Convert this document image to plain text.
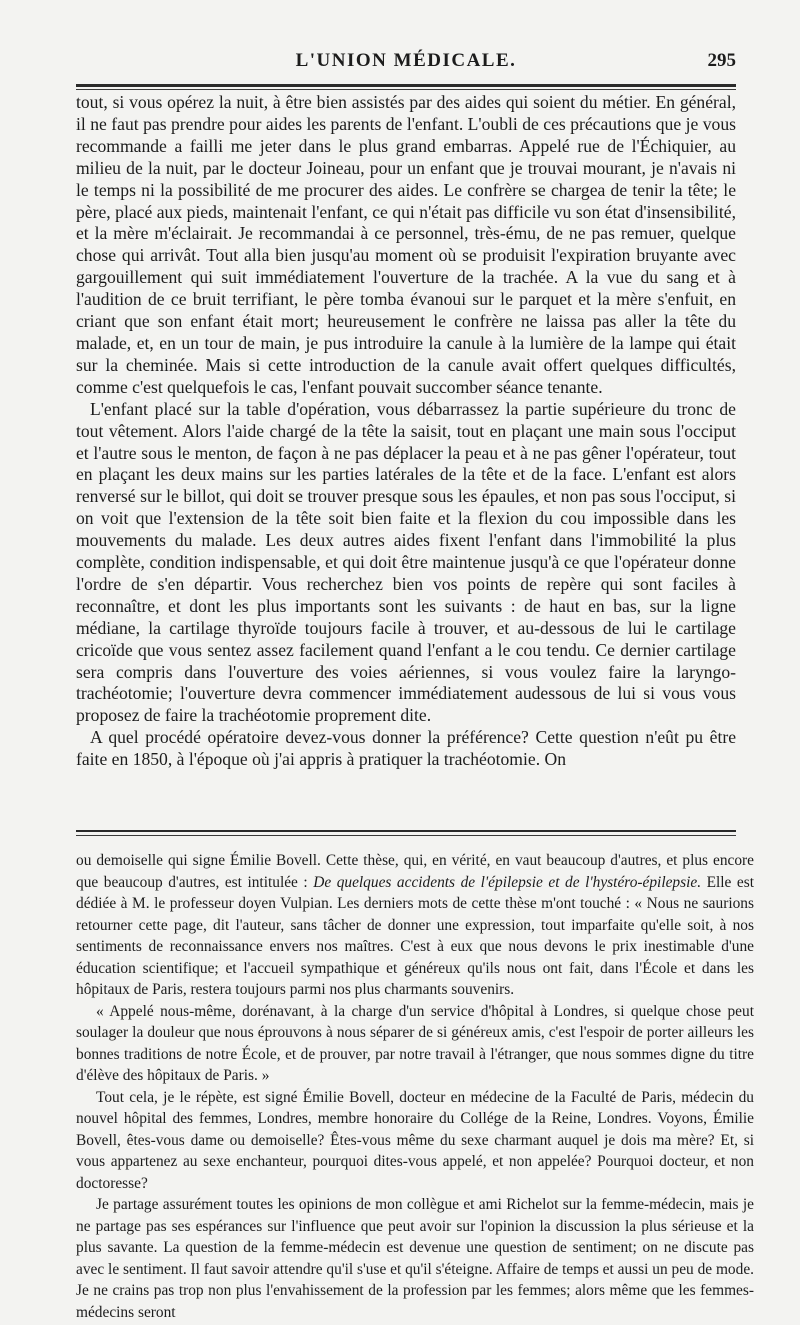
L'UNION MÉDICALE.	295

tout, si vous opérez la nuit, à être bien assistés par des aides qui soient du métier. En général, il ne faut pas prendre pour aides les parents de l'enfant. L'oubli de ces précautions que je vous recommande a failli me jeter dans le plus grand embarras. Appelé rue de l'Échiquier, au milieu de la nuit, par le docteur Joineau, pour un enfant que je trouvai mourant, je n'avais ni le temps ni la possibilité de me procurer des aides. Le confrère se chargea de tenir la tête; le père, placé aux pieds, maintenait l'enfant, ce qui n'était pas difficile vu son état d'insensibilité, et la mère m'éclairait. Je recommandai à ce personnel, très-ému, de ne pas remuer, quelque chose qui arrivât. Tout alla bien jusqu'au moment où se produisit l'expiration bruyante avec gargouillement qui suit immédiatement l'ouverture de la trachée. A la vue du sang et à l'audition de ce bruit terrifiant, le père tomba évanoui sur le parquet et la mère s'enfuit, en criant que son enfant était mort; heureusement le confrère ne laissa pas aller la tête du malade, et, en un tour de main, je pus introduire la canule à la lumière de la lampe qui était sur la cheminée. Mais si cette introduction de la canule avait offert quelques difficultés, comme c'est quelquefois le cas, l'enfant pouvait succomber séance tenante.

L'enfant placé sur la table d'opération, vous débarrassez la partie supérieure du tronc de tout vêtement. Alors l'aide chargé de la tête la saisit, tout en plaçant une main sous l'occiput et l'autre sous le menton, de façon à ne pas déplacer la peau et à ne pas gêner l'opérateur, tout en plaçant les deux mains sur les parties latérales de la tête et de la face. L'enfant est alors renversé sur le billot, qui doit se trouver presque sous les épaules, et non pas sous l'occiput, si on voit que l'extension de la tête soit bien faite et la flexion du cou impossible dans les mouvements du malade. Les deux autres aides fixent l'enfant dans l'immobilité la plus complète, condition indispensable, et qui doit être maintenue jusqu'à ce que l'opérateur donne l'ordre de s'en départir. Vous recherchez bien vos points de repère qui sont faciles à reconnaître, et dont les plus importants sont les suivants : de haut en bas, sur la ligne médiane, la cartilage thyroïde toujours facile à trouver, et au-dessous de lui le cartilage cricoïde que vous sentez assez facilement quand l'enfant a le cou tendu. Ce dernier cartilage sera compris dans l'ouverture des voies aériennes, si vous voulez faire la laryngo-trachéotomie; l'ouverture devra commencer immédiatement audessous de lui si vous vous proposez de faire la trachéotomie proprement dite.

A quel procédé opératoire devez-vous donner la préférence? Cette question n'eût pu être faite en 1850, à l'époque où j'ai appris à pratiquer la trachéotomie. On

ou demoiselle qui signe Émilie Bovell. Cette thèse, qui, en vérité, en vaut beaucoup d'autres, et plus encore que beaucoup d'autres, est intitulée : De quelques accidents de l'épilepsie et de l'hystéro-épilepsie. Elle est dédiée à M. le professeur doyen Vulpian. Les derniers mots de cette thèse m'ont touché : « Nous ne saurions retourner cette page, dit l'auteur, sans tâcher de donner une expression, tout imparfaite qu'elle soit, à nos sentiments de reconnaissance envers nos maîtres. C'est à eux que nous devons le prix inestimable d'une éducation scientifique; et l'accueil sympathique et généreux qu'ils nous ont fait, dans l'École et dans les hôpitaux de Paris, restera toujours parmi nos plus charmants souvenirs.

« Appelé nous-même, dorénavant, à la charge d'un service d'hôpital à Londres, si quelque chose peut soulager la douleur que nous éprouvons à nous séparer de si généreux amis, c'est l'espoir de porter ailleurs les bonnes traditions de notre École, et de prouver, par notre travail à l'étranger, que nous sommes digne du titre d'élève des hôpitaux de Paris. »

Tout cela, je le répète, est signé Émilie Bovell, docteur en médecine de la Faculté de Paris, médecin du nouvel hôpital des femmes, Londres, membre honoraire du Collége de la Reine, Londres. Voyons, Émilie Bovell, êtes-vous dame ou demoiselle? Êtes-vous même du sexe charmant auquel je dois ma mère? Et, si vous appartenez au sexe enchanteur, pourquoi dites-vous appelé, et non appelée? Pourquoi docteur, et non doctoresse?

Je partage assurément toutes les opinions de mon collègue et ami Richelot sur la femme-médecin, mais je ne partage pas ses espérances sur l'influence que peut avoir sur l'opinion la discussion la plus sérieuse et la plus savante. La question de la femme-médecin est devenue une question de sentiment; on ne discute pas avec le sentiment. Il faut savoir attendre qu'il s'use et qu'il s'éteigne. Affaire de temps et aussi un peu de mode. Je ne crains pas trop non plus l'envahissement de la profession par les femmes; alors même que les femmes-médecins seront
